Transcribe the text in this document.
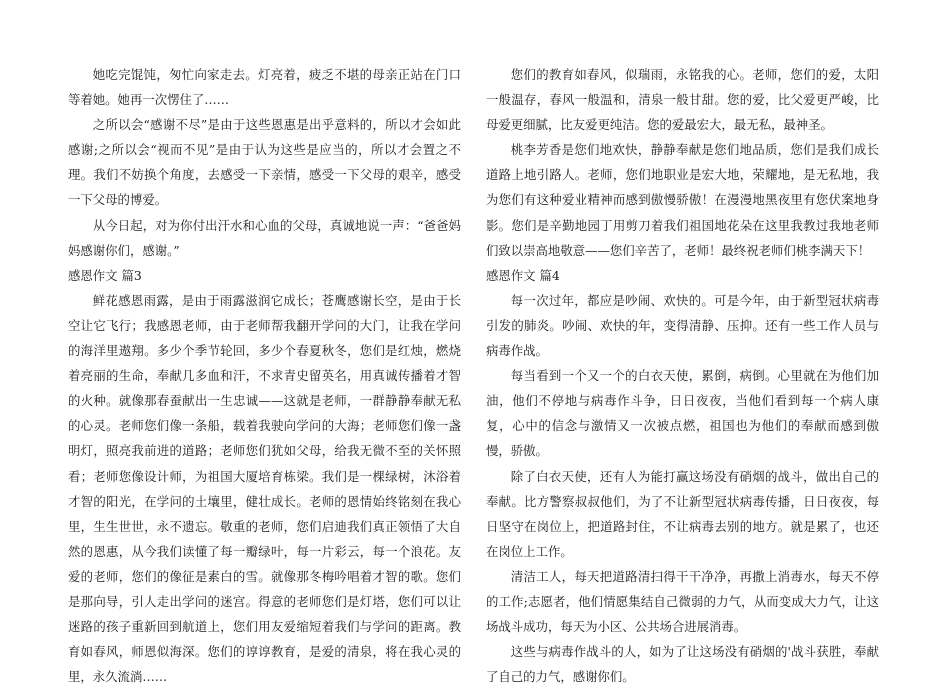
她吃完馄饨，匆忙向家走去。灯亮着，疲乏不堪的母亲正站在门口等着她。她再一次愣住了……

之所以会“感谢不尽”是由于这些恩惠是出乎意料的，所以才会如此感谢;之所以会“视而不见”是由于认为这些是应当的，所以才会置之不理。我们不妨换个角度，去感受一下亲情，感受一下父母的艰辛，感受一下父母的博爱。

从今日起，对为你付出汗水和心血的父母，真诚地说一声：“爸爸妈妈感谢你们，感谢。”

感恩作文 篇3

鲜花感恩雨露，是由于雨露滋润它成长；苍鹰感谢长空，是由于长空让它飞行；我感恩老师，由于老师帮我翻开学问的大门，让我在学问的海洋里遨翔。多少个季节轮回，多少个春夏秋冬，您们是红烛，燃烧着亮丽的生命，奉献几多血和汗，不求青史留英名，用真诚传播着才智的火种。就像那春蚕献出一生忠诚——这就是老师，一群静静奉献无私的心灵。老师您们像一条船，载着我驶向学问的大海；老师您们像一盏明灯，照亮我前进的道路；老师您们犹如父母，给我无微不至的关怀照看；老师您像设计师，为祖国大厦培育栋梁。我们是一棵绿树，沐浴着才智的阳光，在学问的土壤里，健壮成长。老师的恩情始终铭刻在我心里，生生世世，永不遗忘。敬重的老师，您们启迪我们真正领悟了大自然的恩惠，从今我们读懂了每一瓣绿叶，每一片彩云，每一个浪花。友爱的老师，您们的像征是素白的雪。就像那冬梅吟唱着才智的歌。您们是那向导，引人走出学问的迷宫。得意的老师您们是灯塔，您们可以让迷路的孩子重新回到航道上，您们用友爱缩短着我们与学问的距离。教育如春风，师恩似海深。您们的谆谆教育，是爱的清泉，将在我心灵的里，永久流淌……

您们的教育如春风，似瑞雨，永铭我的心。老师，您们的爱，太阳一般温存，春风一般温和，清泉一般甘甜。您的爱，比父爱更严峻，比母爱更细腻，比友爱更纯洁。您的爱最宏大，最无私，最神圣。

桃李芳香是您们地欢快，静静奉献是您们地品质，您们是我们成长道路上地引路人。老师，您们地职业是宏大地，荣耀地，是无私地，我为您们有这种爱业精神而感到傲慢骄傲！在漫漫地黑夜里有您伏案地身影。您们是辛勤地园丁用剪刀着我们祖国地花朵在这里我教过我地老师们致以崇高地敬意——您们辛苦了，老师！最终祝老师们桃李满天下！

感恩作文 篇4

每一次过年，都应是吵闹、欢快的。可是今年，由于新型冠状病毒引发的肺炎。吵闹、欢快的年，变得清静、压抑。还有一些工作人员与病毒作战。

每当看到一个又一个的白衣天使，累倒，病倒。心里就在为他们加油，他们不停地与病毒作斗争，日日夜夜，当他们看到每一个病人康复，心中的信念与激情又一次被点燃，祖国也为他们的奉献而感到傲慢，骄傲。

除了白衣天使，还有人为能打赢这场没有硝烟的战斗，做出自己的奉献。比方警察叔叔他们，为了不让新型冠状病毒传播，日日夜夜，每日坚守在岗位上，把道路封住，不让病毒去别的地方。就是累了，也还在岗位上工作。

清洁工人，每天把道路清扫得干干净净，再撒上消毒水，每天不停的工作;志愿者，他们情愿集结自己微弱的力气，从而变成大力气，让这场战斗成功，每天为小区、公共场合进展消毒。

这些与病毒作战斗的人，如为了让这场没有硝烟的'战斗获胜，奉献了自己的力气，感谢你们。
